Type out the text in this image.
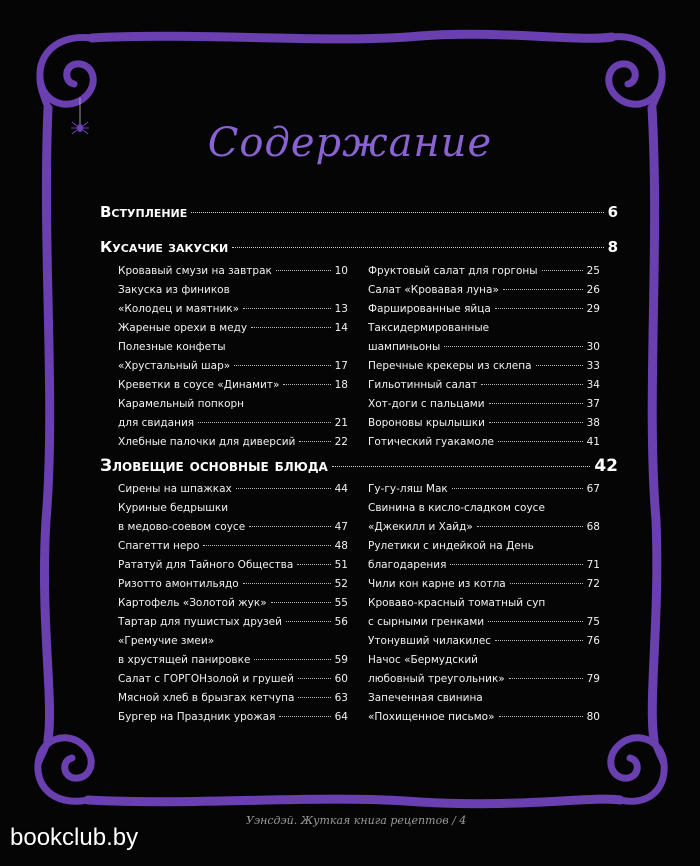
Содержание
Вступление	6
Кусачие закуски	8
Кровавый смузи на завтрак	10
Закуска из фиников
«Колодец и маятник»	13
Жареные орехи в меду	14
Полезные конфеты
«Хрустальный шар»	17
Креветки в соусе «Динамит»	18
Карамельный попкорн
для свидания	21
Хлебные палочки для диверсий	22
Фруктовый салат для горгоны	25
Салат «Кровавая луна»	26
Фаршированные яйца	29
Таксидермированные
шампиньоны	30
Перечные крекеры из склепа	33
Гильотинный салат	34
Хот-доги с пальцами	37
Вороновы крылышки	38
Готический гуакамоле	41
Зловещие основные блюда	42
Сирены на шпажках	44
Куриные бедрышки
в медово-соевом соусе	47
Спагетти неро	48
Рататуй для Тайного Общества	51
Ризотто амонтильядо	52
Картофель «Золотой жук»	55
Тартар для пушистых друзей	56
«Гремучие змеи»
в хрустящей панировке	59
Салат с ГОРГОНзолой и грушей	60
Мясной хлеб в брызгах кетчупа	63
Бургер на Праздник урожая	64
Гу-гу-ляш Мак	67
Свинина в кисло-сладком соусе
«Джекилл и Хайд»	68
Рулетики с индейкой на День
благодарения	71
Чили кон карне из котла	72
Кроваво-красный томатный суп
с сырными гренками	75
Утонувший чилакилес	76
Начос «Бермудский
любовный треугольник»	79
Запеченная свинина
«Похищенное письмо»	80
Уэнсдэй. Жуткая книга рецептов / 4
bookclub.by
